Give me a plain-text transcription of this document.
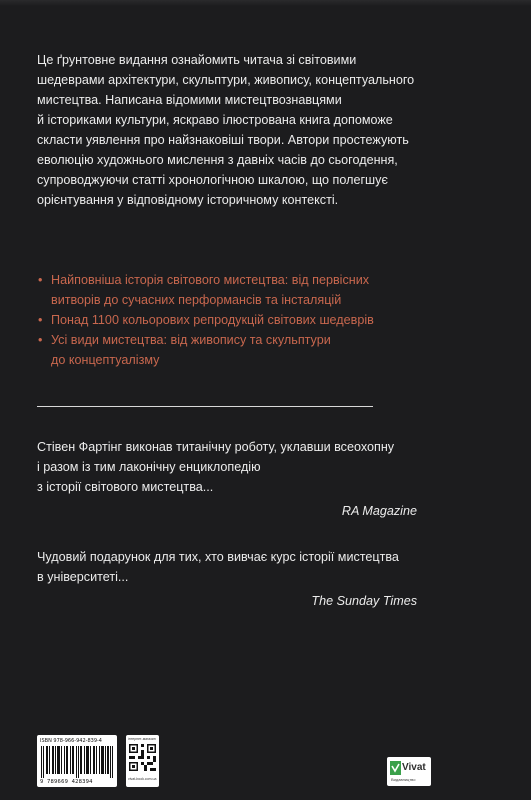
Це ґрунтовне видання ознайомить читача зі світовими
шедеврами архітектури, скульптури, живопису, концептуального
мистецтва. Написана відомими мистецтвознавцями
й істориками культури, яскраво ілюстрована книга допоможе
скласти уявлення про найзнаковіші твори. Автори простежують
еволюцію художнього мислення з давніх часів до сьогодення,
супроводжуючи статті хронологічною шкалою, що полегшує
орієнтування у відповідному історичному контексті.
• Найповніша історія світового мистецтва: від первісних
витворів до сучасних перформансів та інсталяцій
• Понад 1100 кольорових репродукцій світових шедеврів
• Усі види мистецтва: від живопису та скульптури
до концептуалізму
Стівен Фартінг виконав титанічну роботу, уклавши всеохопну
і разом із тим лаконічну енциклопедію
з історії світового мистецтва...
RA Magazine
Чудовий подарунок для тих, хто вивчає курс історії мистецтва
в університеті...
The Sunday Times
ISBN 978-966-942-839-4
9 789669 428394
інтернет-магазин
vivat-book.com.ua
Vivat
Видавництво
